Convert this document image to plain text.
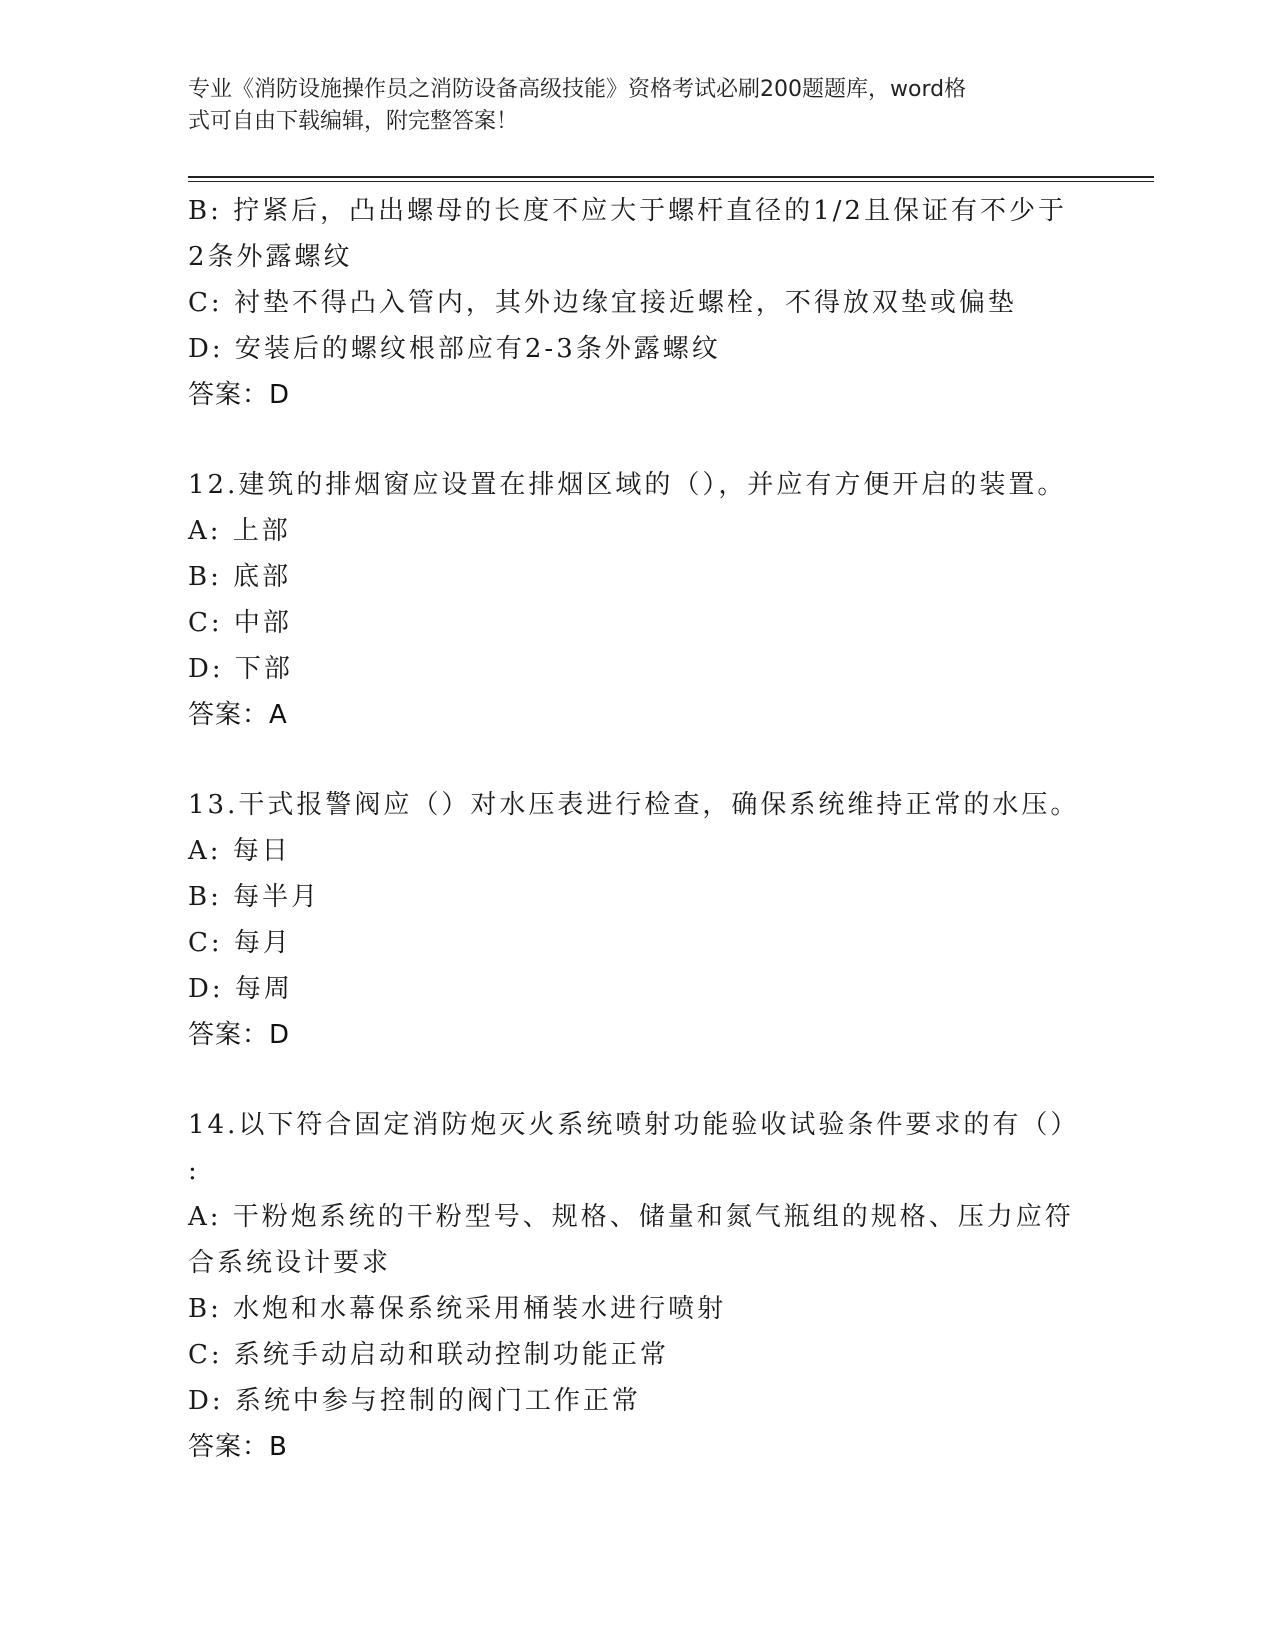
专业《消防设施操作员之消防设备高级技能》资格考试必刷200题题库，word格
式可自由下载编辑，附完整答案！
B: 拧紧后，凸出螺母的长度不应大于螺杆直径的1/2且保证有不少于
2条外露螺纹
C: 衬垫不得凸入管内，其外边缘宜接近螺栓，不得放双垫或偏垫
D: 安装后的螺纹根部应有2-3条外露螺纹
答案：D
12.建筑的排烟窗应设置在排烟区域的（），并应有方便开启的装置。
A: 上部
B: 底部
C: 中部
D: 下部
答案：A
13.干式报警阀应（）对水压表进行检查，确保系统维持正常的水压。
A: 每日
B: 每半月
C: 每月
D: 每周
答案：D
14.以下符合固定消防炮灭火系统喷射功能验收试验条件要求的有（）
:
A: 干粉炮系统的干粉型号、规格、储量和氮气瓶组的规格、压力应符
合系统设计要求
B: 水炮和水幕保系统采用桶装水进行喷射
C: 系统手动启动和联动控制功能正常
D: 系统中参与控制的阀门工作正常
答案：B
